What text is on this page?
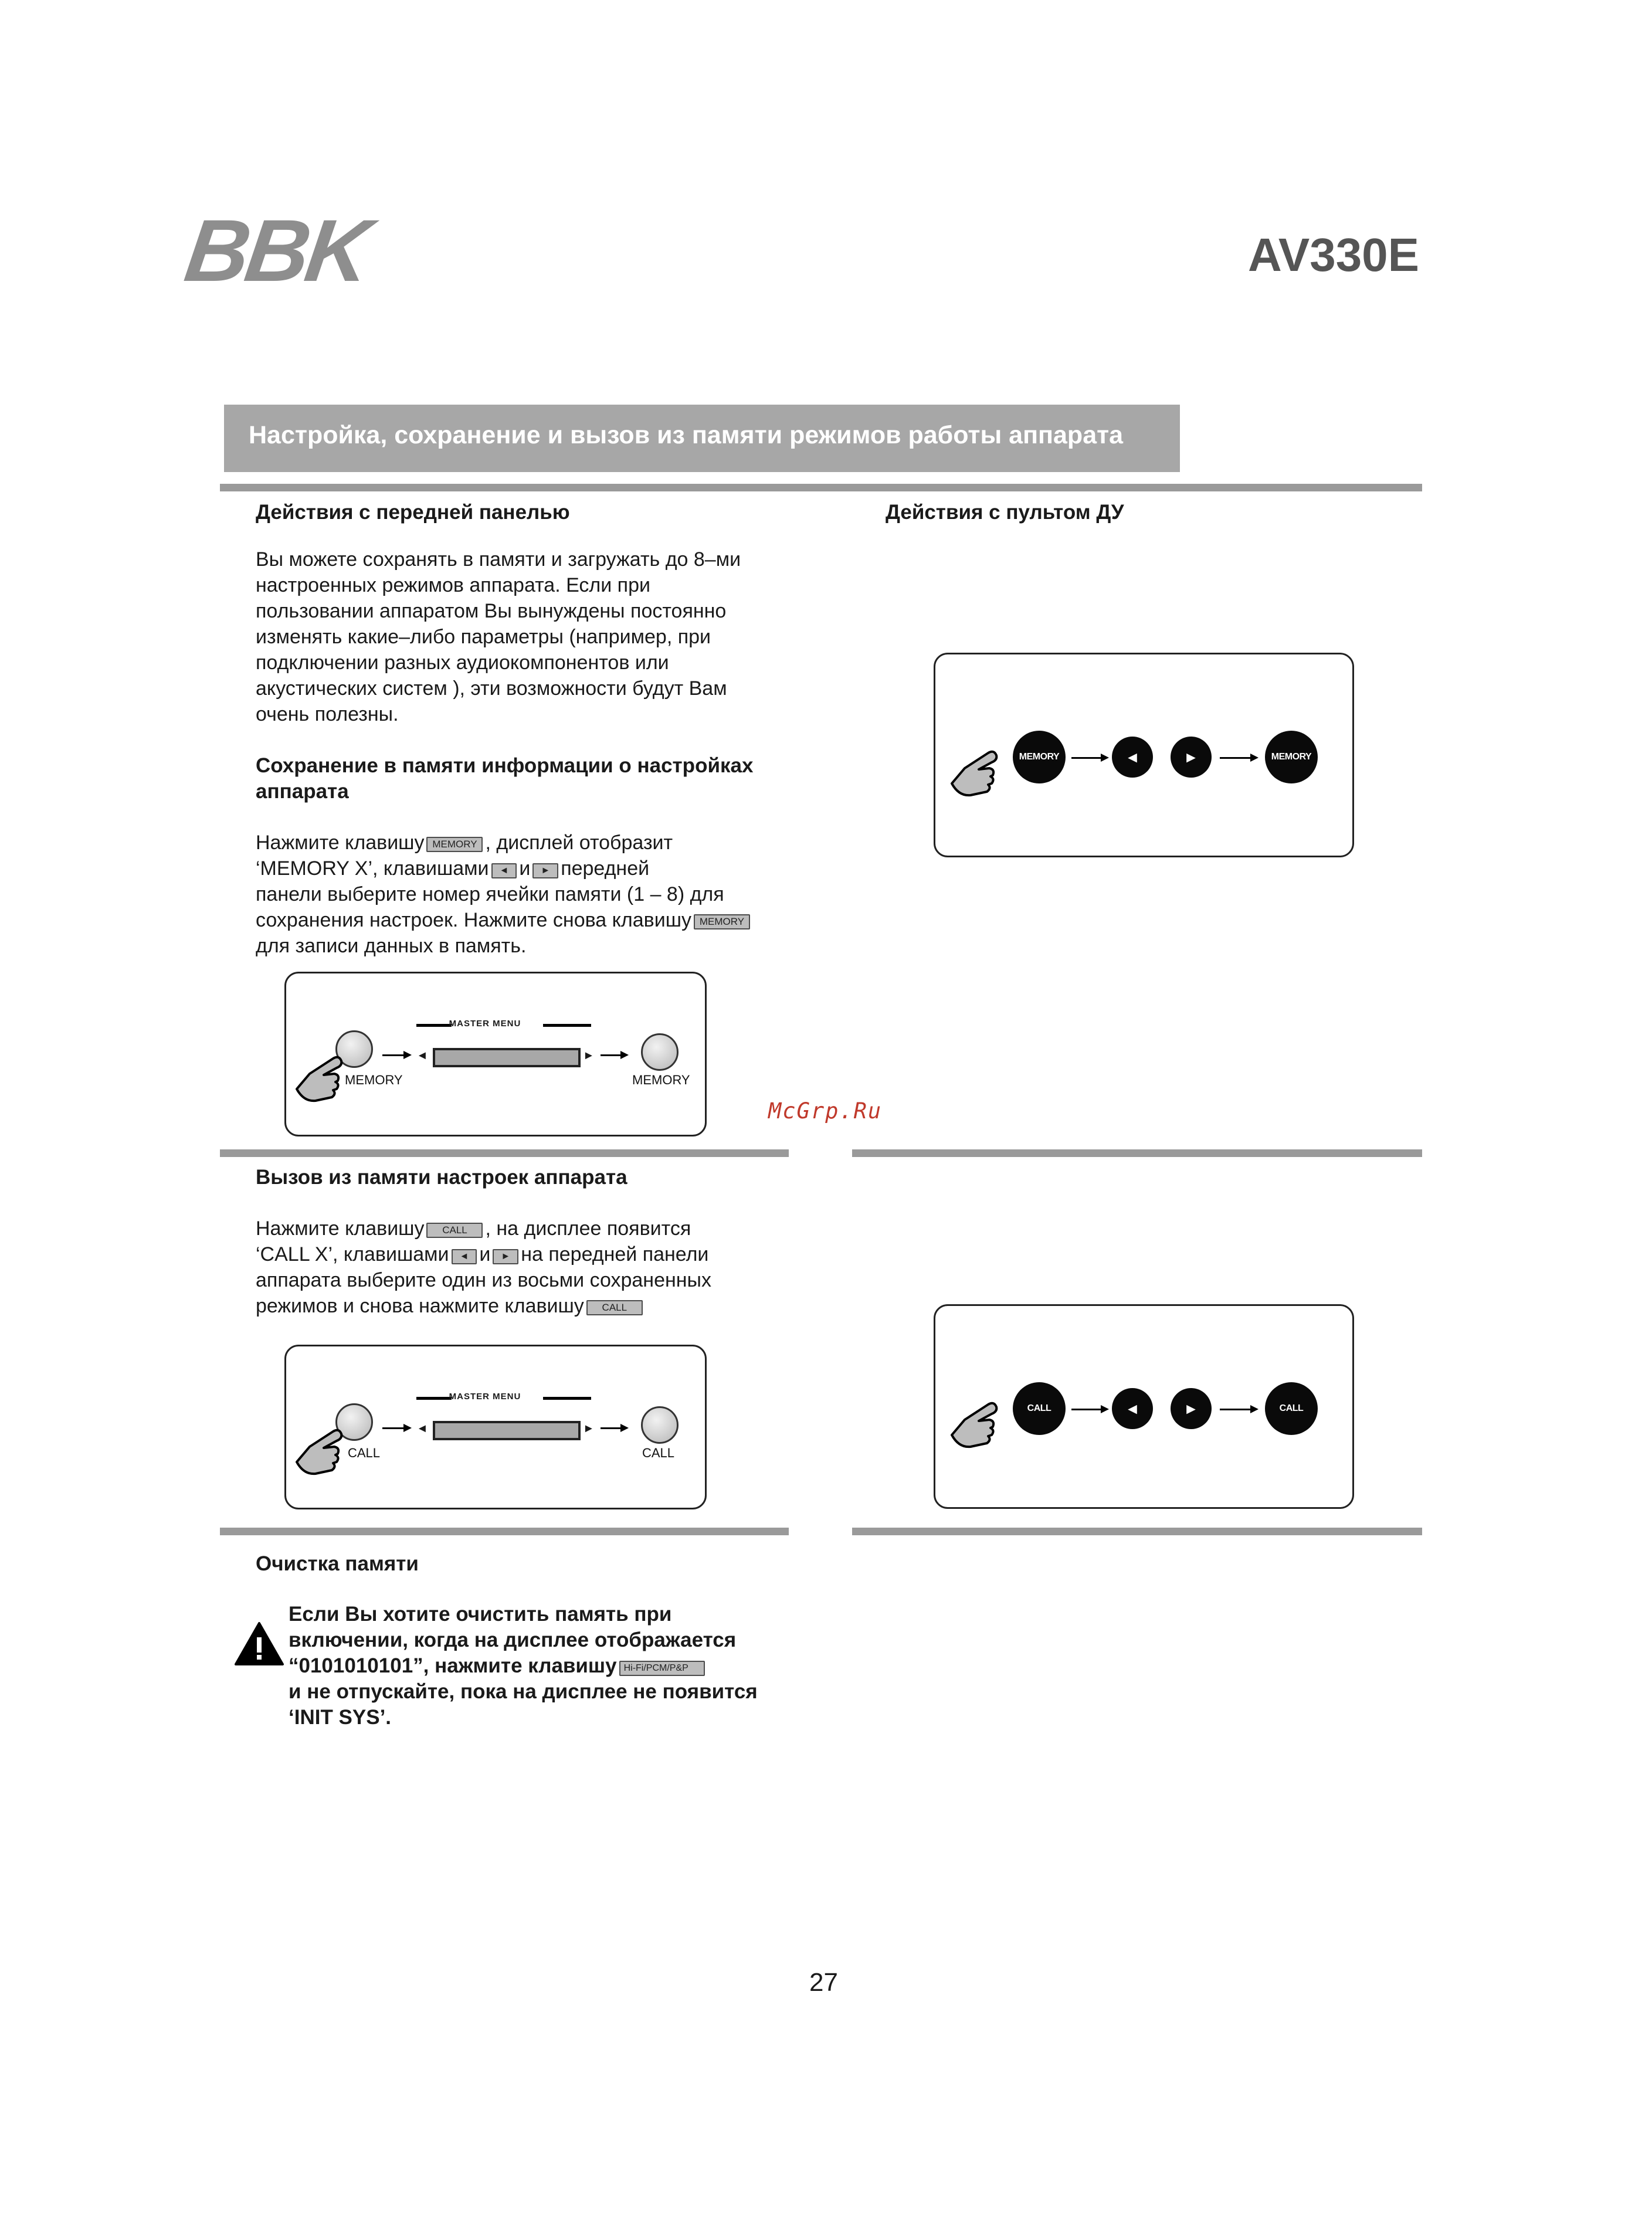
BBK	AV330E
Настройка, сохранение и вызов из памяти режимов работы аппарата
Действия с передней панелью	Действия с пультом ДУ
Вы можете сохранять в памяти и загружать до 8–ми
настроенных режимов аппарата. Если при
пользовании аппаратом Вы вынуждены постоянно
изменять какие–либо параметры (например, при
подключении разных аудиокомпонентов или
акустических систем ), эти возможности будут Вам
очень полезны.
Сохранение в памяти информации о настройках
аппарата
Нажмите клавишу MEMORY , дисплей отобразит
‘MEMORY X’, клавишами ◄ и ► передней
панели выберите номер ячейки памяти (1 – 8) для
сохранения настроек. Нажмите снова клавишу MEMORY
для записи данных в память.
MASTER MENU
MEMORY
◄	►
MEMORY
MEMORY	◄	►	MEMORY
McGrp.Ru
Вызов из памяти настроек аппарата
Нажмите клавишу CALL , на дисплее появится
‘CALL X’, клавишами ◄ и ► на передней панели
аппарата выберите один из восьми сохраненных
режимов и снова нажмите клавишу CALL
MASTER MENU
CALL
◄	►
CALL
CALL	◄	►	CALL
Очистка памяти
Если Вы хотите очистить память при
включении, когда на дисплее отображается
“0101010101”, нажмите клавишу Hi-Fi/PCM/P&P
и не отпускайте, пока на дисплее не появится
‘INIT SYS’.
27
